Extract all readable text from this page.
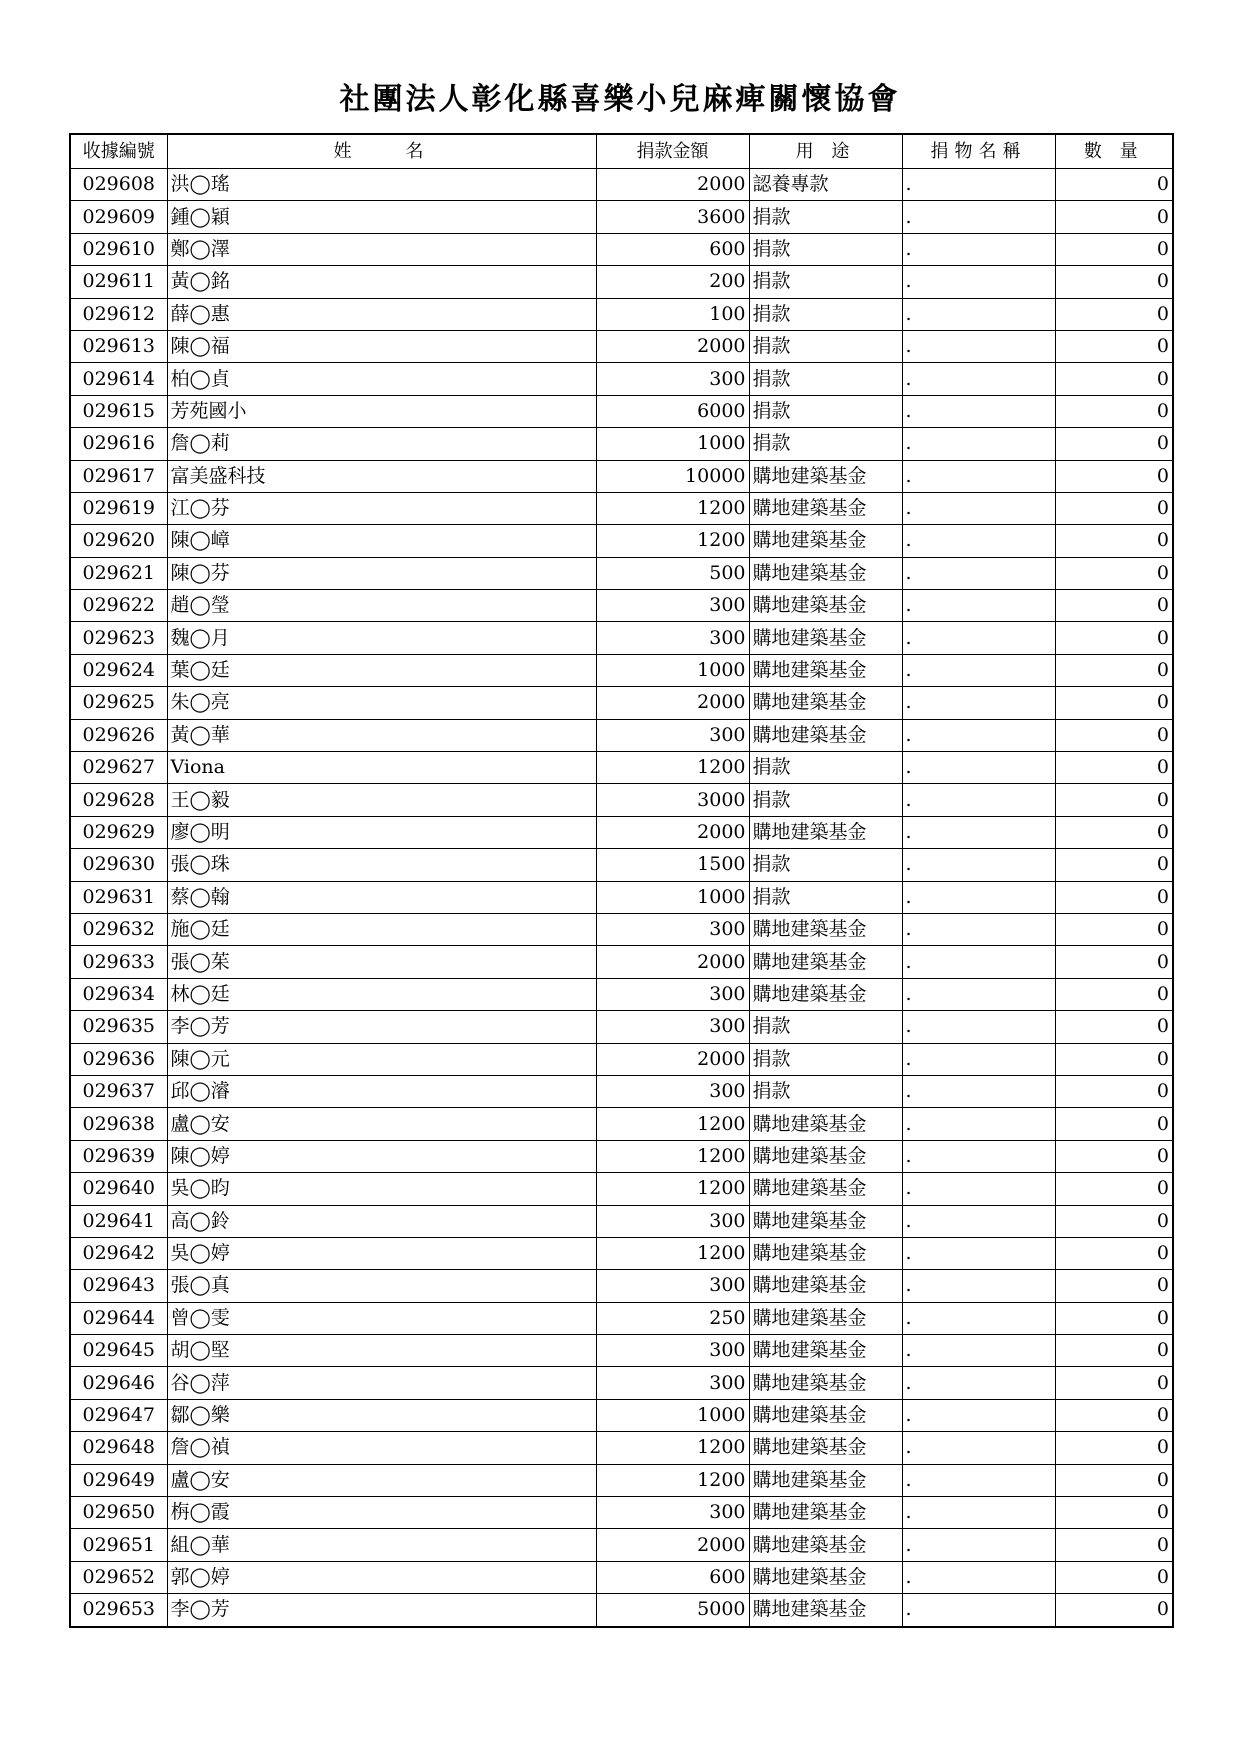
社團法人彰化縣喜樂小兒麻痺關懷協會
收據編號	姓　　名	捐款金額	用 途	捐物名稱	數 量
029608	洪◯瑤	2000	認養專款	.	0
029609	鍾◯穎	3600	捐款	.	0
029610	鄭◯澤	600	捐款	.	0
029611	黃◯銘	200	捐款	.	0
029612	薛◯惠	100	捐款	.	0
029613	陳◯福	2000	捐款	.	0
029614	柏◯貞	300	捐款	.	0
029615	芳苑國小	6000	捐款	.	0
029616	詹◯莉	1000	捐款	.	0
029617	富美盛科技	10000	購地建築基金	.	0
029619	江◯芬	1200	購地建築基金	.	0
029620	陳◯嶂	1200	購地建築基金	.	0
029621	陳◯芬	500	購地建築基金	.	0
029622	趙◯瑩	300	購地建築基金	.	0
029623	魏◯月	300	購地建築基金	.	0
029624	葉◯廷	1000	購地建築基金	.	0
029625	朱◯亮	2000	購地建築基金	.	0
029626	黃◯華	300	購地建築基金	.	0
029627	Viona	1200	捐款	.	0
029628	王◯毅	3000	捐款	.	0
029629	廖◯明	2000	購地建築基金	.	0
029630	張◯珠	1500	捐款	.	0
029631	蔡◯翰	1000	捐款	.	0
029632	施◯廷	300	購地建築基金	.	0
029633	張◯茱	2000	購地建築基金	.	0
029634	林◯廷	300	購地建築基金	.	0
029635	李◯芳	300	捐款	.	0
029636	陳◯元	2000	捐款	.	0
029637	邱◯濬	300	捐款	.	0
029638	盧◯安	1200	購地建築基金	.	0
029639	陳◯婷	1200	購地建築基金	.	0
029640	吳◯昀	1200	購地建築基金	.	0
029641	高◯鈴	300	購地建築基金	.	0
029642	吳◯婷	1200	購地建築基金	.	0
029643	張◯真	300	購地建築基金	.	0
029644	曾◯雯	250	購地建築基金	.	0
029645	胡◯堅	300	購地建築基金	.	0
029646	谷◯萍	300	購地建築基金	.	0
029647	鄒◯樂	1000	購地建築基金	.	0
029648	詹◯禎	1200	購地建築基金	.	0
029649	盧◯安	1200	購地建築基金	.	0
029650	栴◯霞	300	購地建築基金	.	0
029651	組◯華	2000	購地建築基金	.	0
029652	郭◯婷	600	購地建築基金	.	0
029653	李◯芳	5000	購地建築基金	.	0
